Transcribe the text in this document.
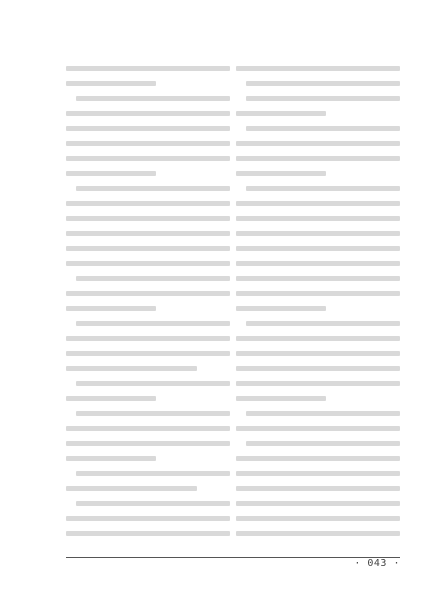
· 043 ·
